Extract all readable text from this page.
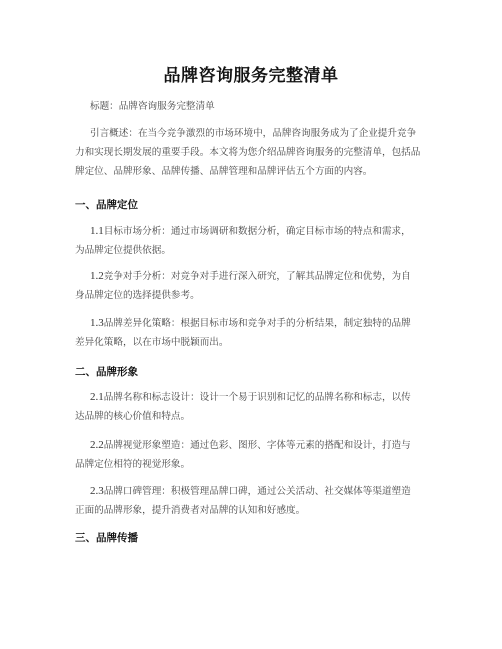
品牌咨询服务完整清单

标题：品牌咨询服务完整清单

引言概述：在当今竞争激烈的市场环境中，品牌咨询服务成为了企业提升竞争
力和实现长期发展的重要手段。本文将为您介绍品牌咨询服务的完整清单，包括品
牌定位、品牌形象、品牌传播、品牌管理和品牌评估五个方面的内容。

一、品牌定位

1.1目标市场分析：通过市场调研和数据分析，确定目标市场的特点和需求，
为品牌定位提供依据。

1.2竞争对手分析：对竞争对手进行深入研究，了解其品牌定位和优势，为自
身品牌定位的选择提供参考。

1.3品牌差异化策略：根据目标市场和竞争对手的分析结果，制定独特的品牌
差异化策略，以在市场中脱颖而出。

二、品牌形象

2.1品牌名称和标志设计：设计一个易于识别和记忆的品牌名称和标志，以传
达品牌的核心价值和特点。

2.2品牌视觉形象塑造：通过色彩、图形、字体等元素的搭配和设计，打造与
品牌定位相符的视觉形象。

2.3品牌口碑管理：积极管理品牌口碑，通过公关活动、社交媒体等渠道塑造
正面的品牌形象，提升消费者对品牌的认知和好感度。

三、品牌传播
